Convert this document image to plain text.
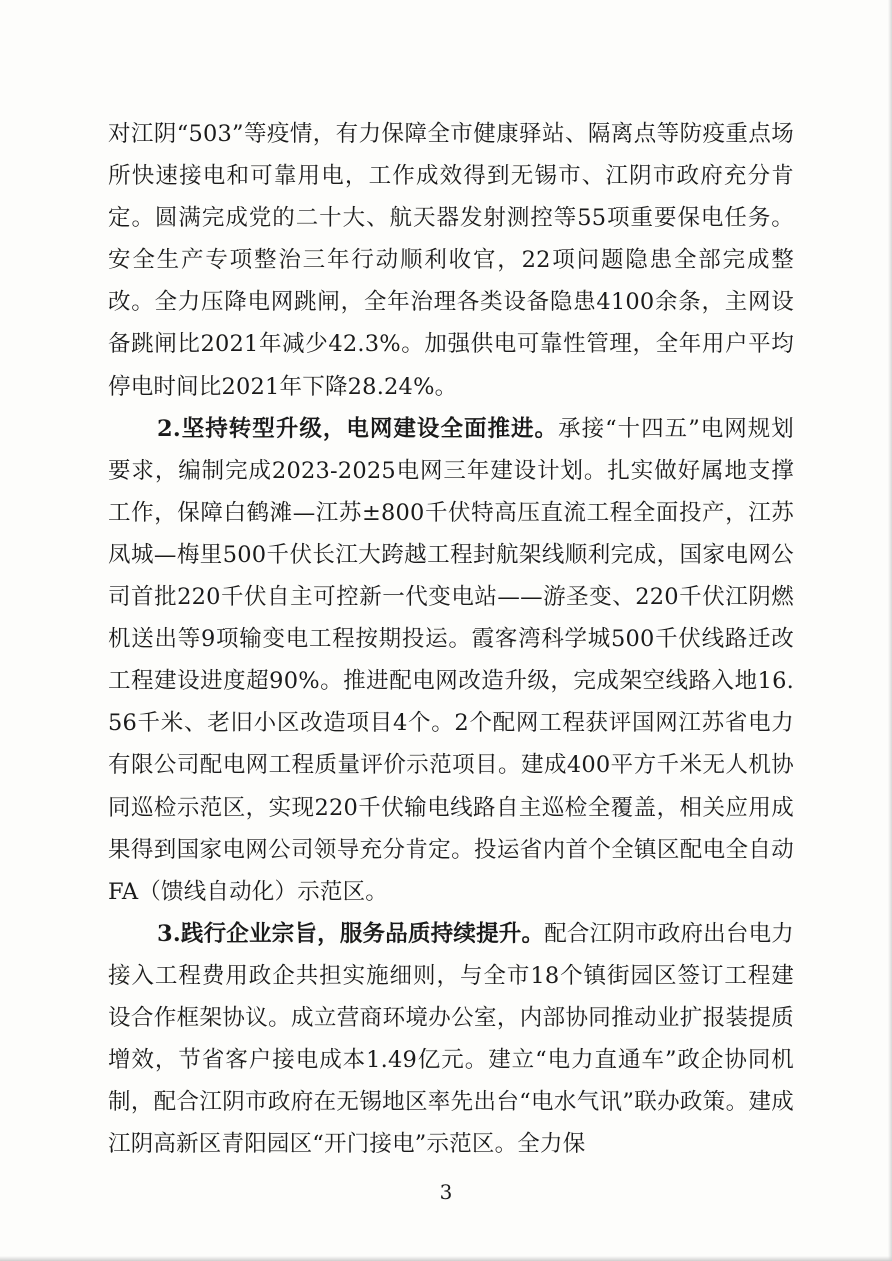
对江阴“503”等疫情，有力保障全市健康驿站、隔离点等防疫重点场所快速接电和可靠用电，工作成效得到无锡市、江阴市政府充分肯定。圆满完成党的二十大、航天器发射测控等55项重要保电任务。安全生产专项整治三年行动顺利收官，22项问题隐患全部完成整改。全力压降电网跳闸，全年治理各类设备隐患4100余条，主网设备跳闸比2021年减少42.3%。加强供电可靠性管理，全年用户平均停电时间比2021年下降28.24%。

2.坚持转型升级，电网建设全面推进。承接“十四五”电网规划要求，编制完成2023-2025电网三年建设计划。扎实做好属地支撑工作，保障白鹤滩—江苏±800千伏特高压直流工程全面投产，江苏凤城—梅里500千伏长江大跨越工程封航架线顺利完成，国家电网公司首批220千伏自主可控新一代变电站——游圣变、220千伏江阴燃机送出等9项输变电工程按期投运。霞客湾科学城500千伏线路迁改工程建设进度超90%。推进配电网改造升级，完成架空线路入地16.56千米、老旧小区改造项目4个。2个配网工程获评国网江苏省电力有限公司配电网工程质量评价示范项目。建成400平方千米无人机协同巡检示范区，实现220千伏输电线路自主巡检全覆盖，相关应用成果得到国家电网公司领导充分肯定。投运省内首个全镇区配电全自动FA（馈线自动化）示范区。

3.践行企业宗旨，服务品质持续提升。配合江阴市政府出台电力接入工程费用政企共担实施细则，与全市18个镇街园区签订工程建设合作框架协议。成立营商环境办公室，内部协同推动业扩报装提质增效，节省客户接电成本1.49亿元。建立“电力直通车”政企协同机制，配合江阴市政府在无锡地区率先出台“电水气讯”联办政策。建成江阴高新区青阳园区“开门接电”示范区。全力保

3
